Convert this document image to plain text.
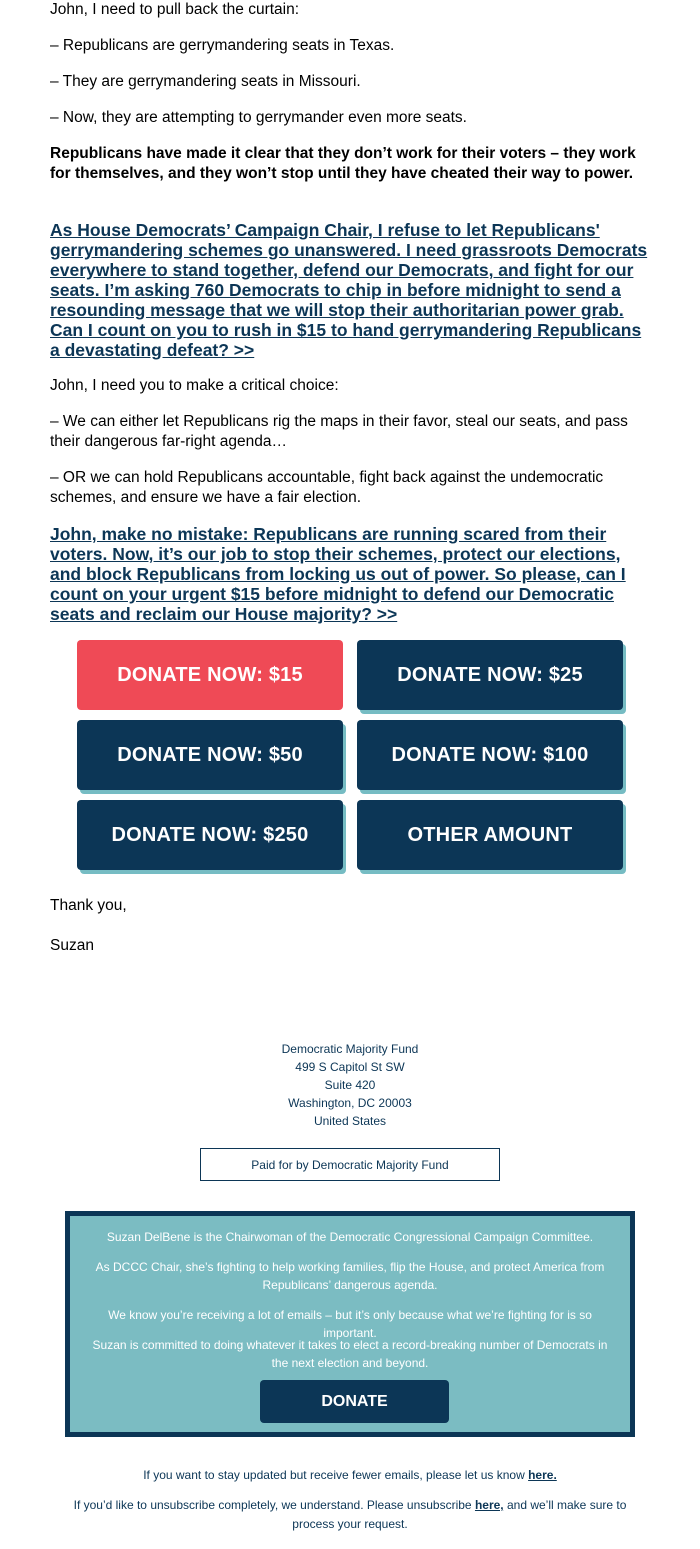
John, I need to pull back the curtain:

– Republicans are gerrymandering seats in Texas.

– They are gerrymandering seats in Missouri.

– Now, they are attempting to gerrymander even more seats.

Republicans have made it clear that they don’t work for their voters – they work for themselves, and they won’t stop until they have cheated their way to power.

As House Democrats’ Campaign Chair, I refuse to let Republicans' gerrymandering schemes go unanswered. I need grassroots Democrats everywhere to stand together, defend our Democrats, and fight for our seats. I’m asking 760 Democrats to chip in before midnight to send a resounding message that we will stop their authoritarian power grab. Can I count on you to rush in $15 to hand gerrymandering Republicans a devastating defeat? >>

John, I need you to make a critical choice:

– We can either let Republicans rig the maps in their favor, steal our seats, and pass their dangerous far-right agenda…

– OR we can hold Republicans accountable, fight back against the undemocratic schemes, and ensure we have a fair election.

John, make no mistake: Republicans are running scared from their voters. Now, it’s our job to stop their schemes, protect our elections, and block Republicans from locking us out of power. So please, can I count on your urgent $15 before midnight to defend our Democratic seats and reclaim our House majority? >>
DONATE NOW: $15	DONATE NOW: $25
DONATE NOW: $50	DONATE NOW: $100
DONATE NOW: $250	OTHER AMOUNT

Thank you,

Suzan

Democratic Majority Fund
499 S Capitol St SW
Suite 420
Washington, DC 20003
United States
Paid for by Democratic Majority Fund

Suzan DelBene is the Chairwoman of the Democratic Congressional Campaign Committee.

As DCCC Chair, she’s fighting to help working families, flip the House, and protect America from Republicans’ dangerous agenda.

We know you’re receiving a lot of emails – but it’s only because what we’re fighting for is so important.

Suzan is committed to doing whatever it takes to elect a record-breaking number of Democrats in the next election and beyond.

DONATE
If you want to stay updated but receive fewer emails, please let us know here.
If you’d like to unsubscribe completely, we understand. Please unsubscribe here, and we’ll make sure to process your request.
